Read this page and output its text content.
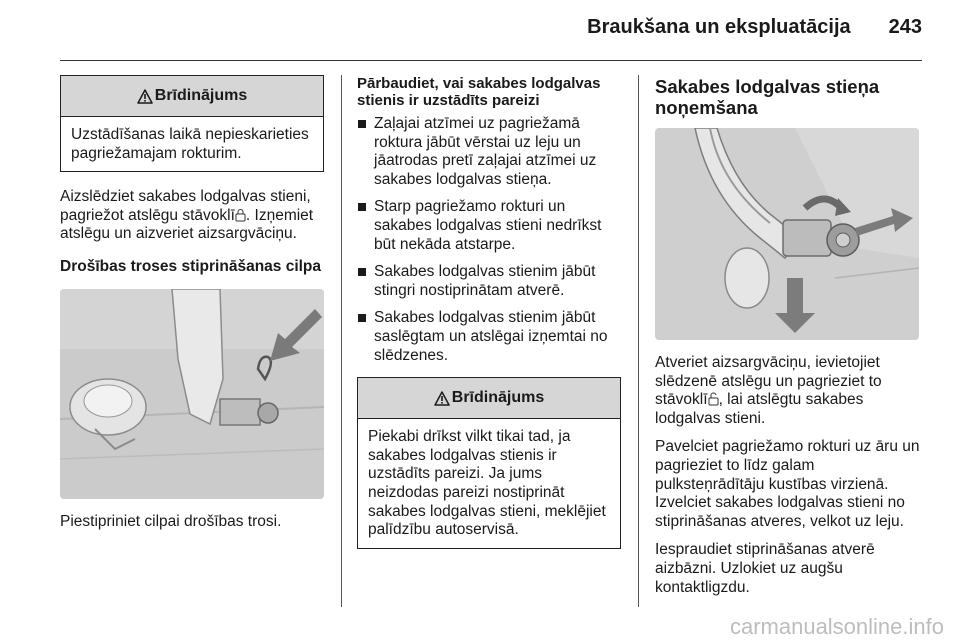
Braukšana un ekspluatācija 243
Brīdinājums
Uzstādīšanas laikā nepieskarieties pagriežamajam rokturim.

Aizslēdziet sakabes lodgalvas stieni, pagriežot atslēgu stāvoklī . Izņemiet atslēgu un aizveriet aizsargvāciņu.

Drošības troses stiprināšanas cilpa

Piestipriniet cilpai drošības trosi.

Pārbaudiet, vai sakabes lodgalvas stienis ir uzstādīts pareizi

Zaļajai atzīmei uz pagriežamā roktura jābūt vērstai uz leju un jāatrodas pretī zaļajai atzīmei uz sakabes lodgalvas stieņa.
Starp pagriežamo rokturi un sakabes lodgalvas stieni nedrīkst būt nekāda atstarpe.
Sakabes lodgalvas stienim jābūt stingri nostiprinātam atverē.
Sakabes lodgalvas stienim jābūt saslēgtam un atslēgai izņemtai no slēdzenes.
Brīdinājums
Piekabi drīkst vilkt tikai tad, ja sakabes lodgalvas stienis ir uzstādīts pareizi. Ja jums neizdodas pareizi nostiprināt sakabes lodgalvas stieni, meklējiet palīdzību autoservisā.
Sakabes lodgalvas stieņa noņemšana

Atveriet aizsargvāciņu, ievietojiet slēdzenē atslēgu un pagrieziet to stāvoklī , lai atslēgtu sakabes lodgalvas stieni.

Pavelciet pagriežamo rokturi uz āru un pagrieziet to līdz galam pulksteņrādītāju kustības virzienā. Izvelciet sakabes lodgalvas stieni no stiprināšanas atveres, velkot uz leju.

Iespraudiet stiprināšanas atverē aizbāzni. Uzlokiet uz augšu kontaktligzdu.

carmanualsonline.info
